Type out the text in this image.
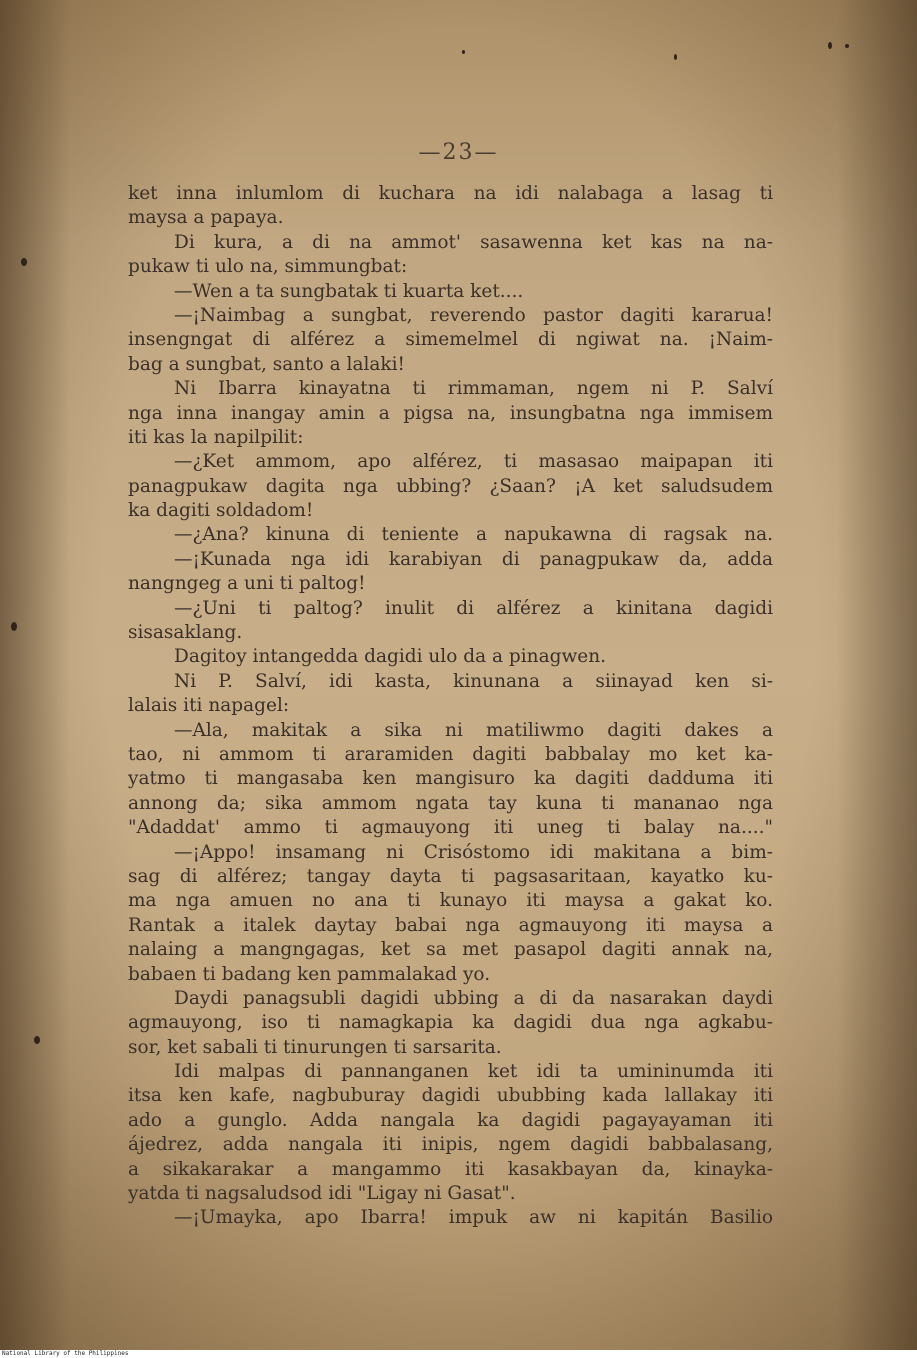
—23—
ket inna inlumlom di kuchara na idi nalabaga a lasag ti
maysa a papaya.
Di kura, a di na ammot' sasawenna ket kas na na-
pukaw ti ulo na, simmungbat:
—Wen a ta sungbatak ti kuarta ket....
—¡Naimbag a sungbat, reverendo pastor dagiti kararua!
insengngat di alférez a simemelmel di ngiwat na. ¡Naim-
bag a sungbat, santo a lalaki!
Ni Ibarra kinayatna ti rimmaman, ngem ni P. Salví
nga inna inangay amin a pigsa na, insungbatna nga immisem
iti kas la napilpilit:
—¿Ket ammom, apo alférez, ti masasao maipapan iti
panagpukaw dagita nga ubbing? ¿Saan? ¡A ket saludsudem
ka dagiti soldadom!
—¿Ana? kinuna di teniente a napukawna di ragsak na.
—¡Kunada nga idi karabiyan di panagpukaw da, adda
nangngeg a uni ti paltog!
—¿Uni ti paltog? inulit di alférez a kinitana dagidi
sisasaklang.
Dagitoy intangedda dagidi ulo da a pinagwen.
Ni P. Salví, idi kasta, kinunana a siinayad ken si-
lalais iti napagel:
—Ala, makitak a sika ni matiliwmo dagiti dakes a
tao, ni ammom ti araramiden dagiti babbalay mo ket ka-
yatmo ti mangasaba ken mangisuro ka dagiti dadduma iti
annong da; sika ammom ngata tay kuna ti mananao nga
"Adaddat' ammo ti agmauyong iti uneg ti balay na...."
—¡Appo! insamang ni Crisóstomo idi makitana a bim-
sag di alférez; tangay dayta ti pagsasaritaan, kayatko ku-
ma nga amuen no ana ti kunayo iti maysa a gakat ko.
Rantak a italek daytay babai nga agmauyong iti maysa a
nalaing a mangngagas, ket sa met pasapol dagiti annak na,
babaen ti badang ken pammalakad yo.
Daydi panagsubli dagidi ubbing a di da nasarakan daydi
agmauyong, iso ti namagkapia ka dagidi dua nga agkabu-
sor, ket sabali ti tinurungen ti sarsarita.
Idi malpas di pannanganen ket idi ta umininumda iti
itsa ken kafe, nagbuburay dagidi ububbing kada lallakay iti
ado a gunglo. Adda nangala ka dagidi pagayayaman iti
ájedrez, adda nangala iti inipis, ngem dagidi babbalasang,
a sikakarakar a mangammo iti kasakbayan da, kinayka-
yatda ti nagsaludsod idi "Ligay ni Gasat".
—¡Umayka, apo Ibarra! impuk aw ni kapitán Basilio
National Library of the Philippines
